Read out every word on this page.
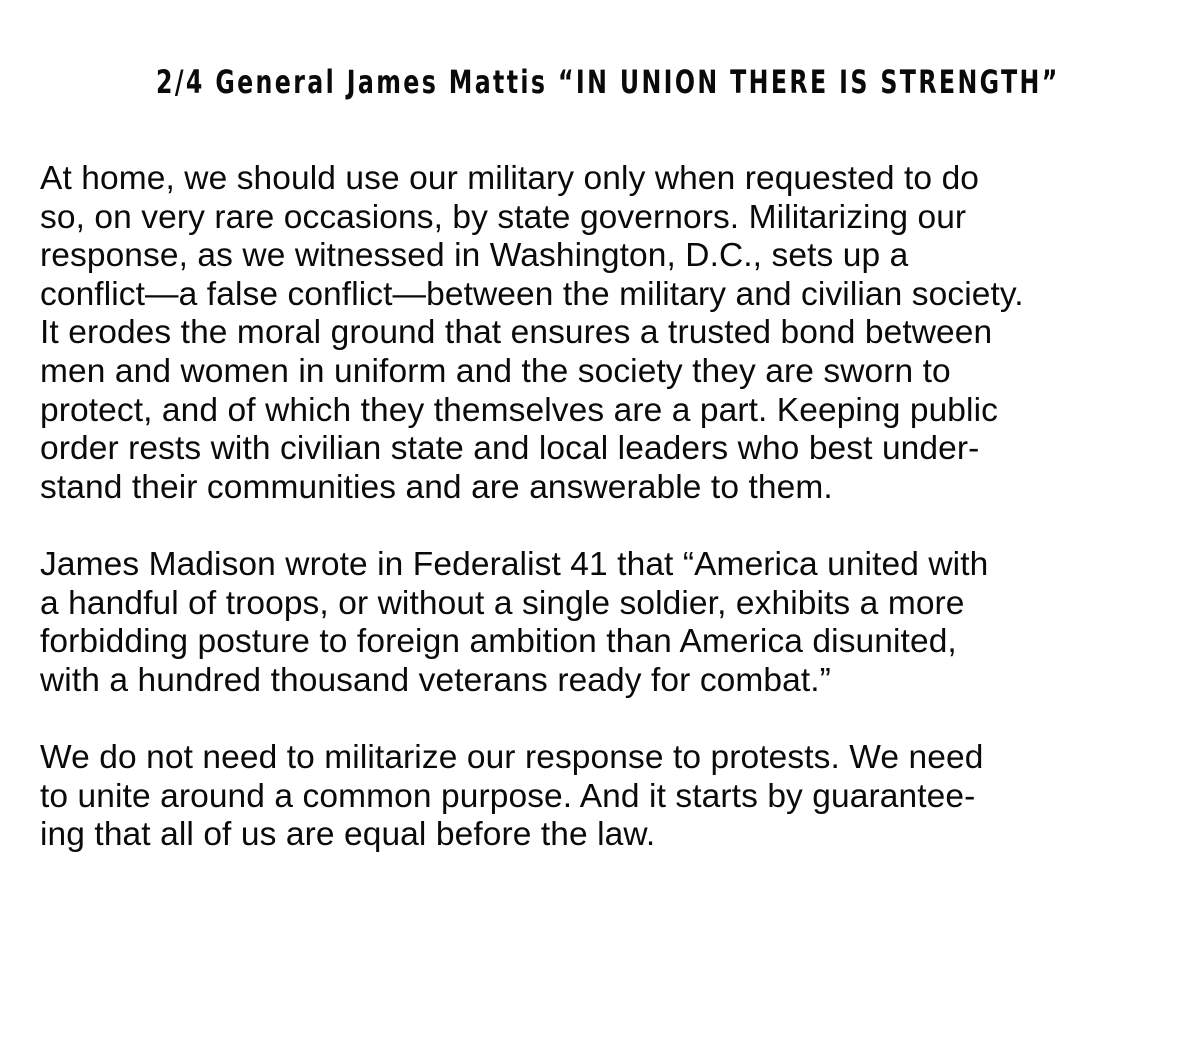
2/4 General James Mattis “IN UNION THERE IS STRENGTH”

At home, we should use our military only when requested to do
so, on very rare occasions, by state governors. Militarizing our
response, as we witnessed in Washington, D.C., sets up a
conflict—a false conflict—between the military and civilian society.
It erodes the moral ground that ensures a trusted bond between
men and women in uniform and the society they are sworn to
protect, and of which they themselves are a part. Keeping public
order rests with civilian state and local leaders who best under-
stand their communities and are answerable to them.

James Madison wrote in Federalist 41 that “America united with
a handful of troops, or without a single soldier, exhibits a more
forbidding posture to foreign ambition than America disunited,
with a hundred thousand veterans ready for combat.”

We do not need to militarize our response to protests. We need
to unite around a common purpose. And it starts by guarantee-
ing that all of us are equal before the law.
